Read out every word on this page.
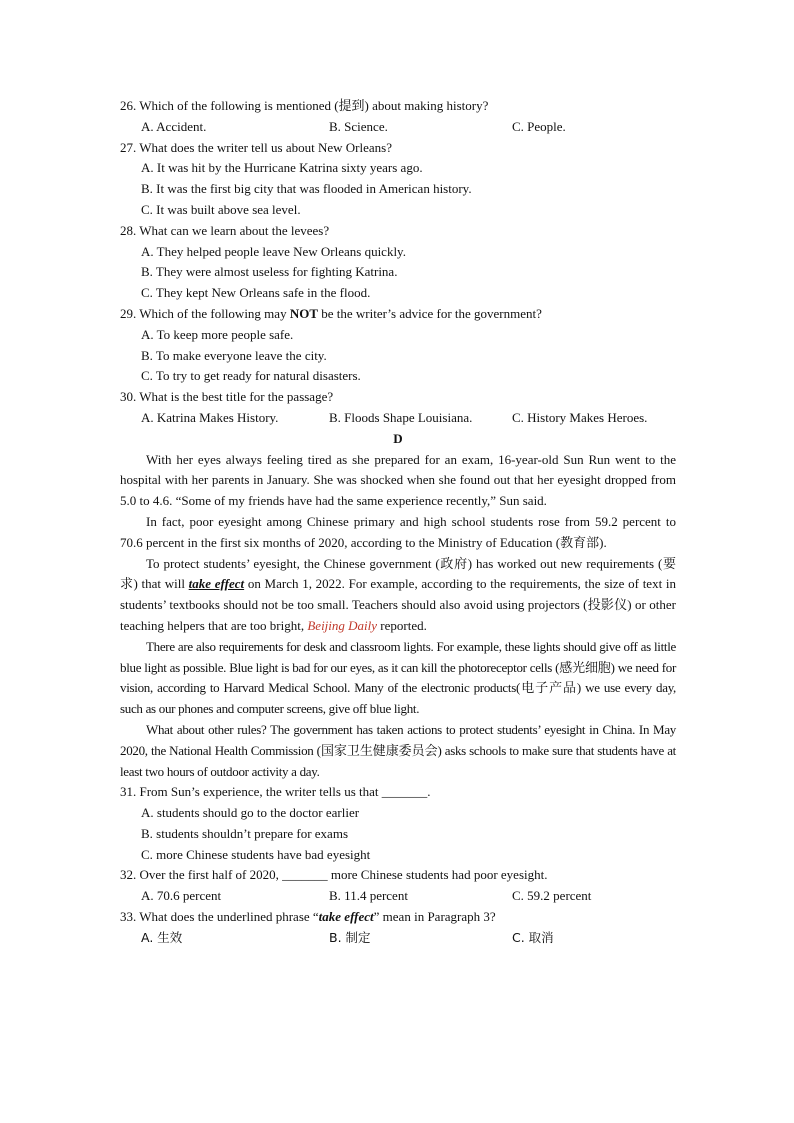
26. Which of the following is mentioned (提到) about making history?
A. Accident.	B. Science.	C. People.
27. What does the writer tell us about New Orleans?
A. It was hit by the Hurricane Katrina sixty years ago.
B. It was the first big city that was flooded in American history.
C. It was built above sea level.
28. What can we learn about the levees?
A. They helped people leave New Orleans quickly.
B. They were almost useless for fighting Katrina.
C. They kept New Orleans safe in the flood.
29. Which of the following may NOT be the writer’s advice for the government?
A. To keep more people safe.
B. To make everyone leave the city.
C. To try to get ready for natural disasters.
30. What is the best title for the passage?
A. Katrina Makes History.	B. Floods Shape Louisiana.	C. History Makes Heroes.
D

With her eyes always feeling tired as she prepared for an exam, 16-year-old Sun Run went to the hospital with her parents in January. She was shocked when she found out that her eyesight dropped from 5.0 to 4.6. “Some of my friends have had the same experience recently,” Sun said.

In fact, poor eyesight among Chinese primary and high school students rose from 59.2 percent to 70.6 percent in the first six months of 2020, according to the Ministry of Education (教育部).

To protect students’ eyesight, the Chinese government (政府) has worked out new requirements (要求) that will take effect on March 1, 2022. For example, according to the requirements, the size of text in students’ textbooks should not be too small. Teachers should also avoid using projectors (投影仪) or other teaching helpers that are too bright, Beijing Daily reported.

There are also requirements for desk and classroom lights. For example, these lights should give off as little blue light as possible. Blue light is bad for our eyes, as it can kill the photoreceptor cells (感光细胞) we need for vision, according to Harvard Medical School. Many of the electronic products(电子产品) we use every day, such as our phones and computer screens, give off blue light.

What about other rules? The government has taken actions to protect students’ eyesight in China. In May 2020, the National Health Commission (国家卫生健康委员会) asks schools to make sure that students have at least two hours of outdoor activity a day.

31. From Sun’s experience, the writer tells us that _______.
A. students should go to the doctor earlier
B. students shouldn’t prepare for exams
C. more Chinese students have bad eyesight
32. Over the first half of 2020, _______ more Chinese students had poor eyesight.
A. 70.6 percent	B. 11.4 percent	C. 59.2 percent
33. What does the underlined phrase “take effect” mean in Paragraph 3?
A. 生效	B. 制定	C. 取消
